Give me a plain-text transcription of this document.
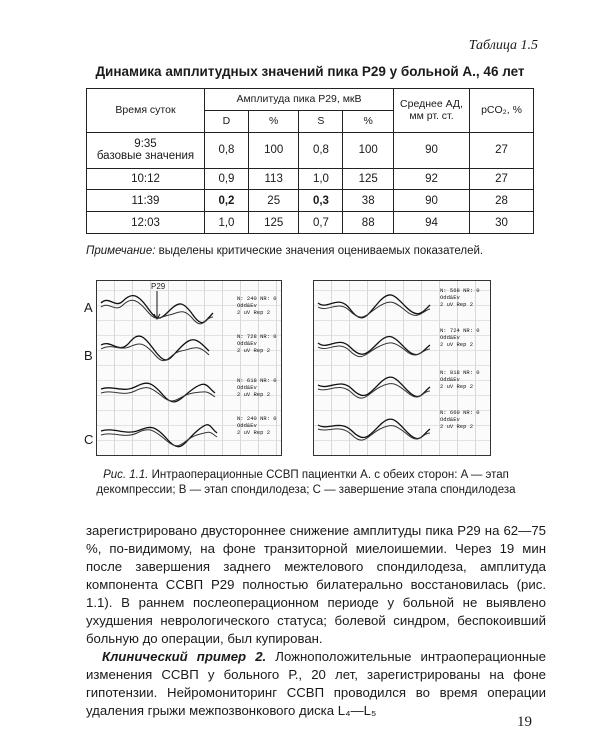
Таблица 1.5
Динамика амплитудных значений пика P29 у больной А., 46 лет
Время суток	Амплитуда пика P29, мкВ				Среднее АД, мм рт. ст.	pCO₂, %
	D	%	S	%		
9:35
базовые значения	0,8	100	0,8	100	90	27
10:12	0,9	113	1,0	125	92	27
11:39	0,2	25	0,3	38	90	28
12:03	1,0	125	0,7	88	94	30
Примечание: выделены критические значения оцениваемых показателей.
A
B
C
P29
N: 240 NR: 0
Odd&Ev
2 uV Rep 2
N: 728 NR: 0
Odd&Ev
2 uV Rep 2
N: 618 NR: 0
Odd&Ev
2 uV Rep 2
N: 240 NR: 0
Odd&Ev
2 uV Rep 2
N: 568 NR: 0
Odd&Ev
2 uV Rep 2
N: 724 NR: 0
Odd&Ev
2 uV Rep 2
N: 818 NR: 0
Odd&Ev
2 uV Rep 2
N: 660 NR: 0
Odd&Ev
2 uV Rep 2
Рис. 1.1. Интраоперационные ССВП пациентки А. с обеих сторон: A — этап декомпрессии; B — этап спондилодеза; C — завершение этапа спондилодеза

зарегистрировано двустороннее снижение амплитуды пика P29 на 62—75 %, по-видимому, на фоне транзиторной миелоишемии. Через 19 мин после завершения заднего межтелового спондилодеза, амплитуда компонента ССВП P29 полностью билатерально восстановилась (рис. 1.1). В раннем послеоперационном периоде у больной не выявлено ухудшения неврологического статуса; болевой синдром, беспокоивший больную до операции, был купирован.

Клинический пример 2. Ложноположительные интраоперационные изменения ССВП у больного Р., 20 лет, зарегистрированы на фоне гипотензии. Нейромониторинг ССВП проводился во время операции удаления грыжи межпозвонкового диска L₄—L₅

19
